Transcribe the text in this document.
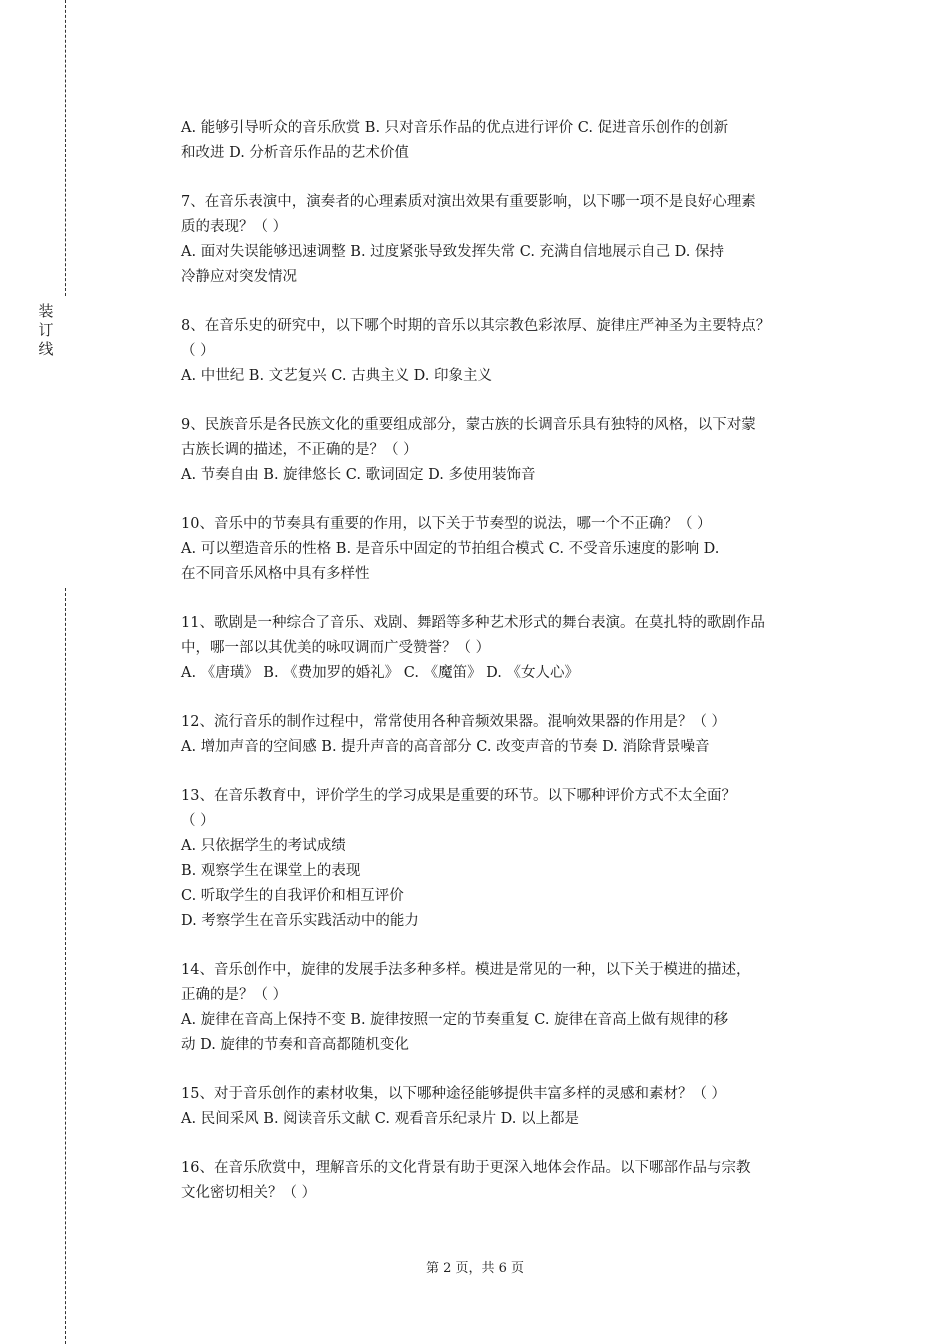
装订线
A. 能够引导听众的音乐欣赏 B. 只对音乐作品的优点进行评价 C. 促进音乐创作的创新
和改进 D. 分析音乐作品的艺术价值
7、在音乐表演中，演奏者的心理素质对演出效果有重要影响，以下哪一项不是良好心理素
质的表现？（ ）
A. 面对失误能够迅速调整 B. 过度紧张导致发挥失常 C. 充满自信地展示自己 D. 保持
冷静应对突发情况
8、在音乐史的研究中，以下哪个时期的音乐以其宗教色彩浓厚、旋律庄严神圣为主要特点？
（ ）
A. 中世纪 B. 文艺复兴 C. 古典主义 D. 印象主义
9、民族音乐是各民族文化的重要组成部分，蒙古族的长调音乐具有独特的风格，以下对蒙
古族长调的描述，不正确的是？（ ）
A. 节奏自由 B. 旋律悠长 C. 歌词固定 D. 多使用装饰音
10、音乐中的节奏具有重要的作用，以下关于节奏型的说法，哪一个不正确？（ ）
A. 可以塑造音乐的性格 B. 是音乐中固定的节拍组合模式 C. 不受音乐速度的影响 D.
在不同音乐风格中具有多样性
11、歌剧是一种综合了音乐、戏剧、舞蹈等多种艺术形式的舞台表演。在莫扎特的歌剧作品
中，哪一部以其优美的咏叹调而广受赞誉？（ ）
A. 《唐璜》 B. 《费加罗的婚礼》 C. 《魔笛》 D. 《女人心》
12、流行音乐的制作过程中，常常使用各种音频效果器。混响效果器的作用是？（ ）
A. 增加声音的空间感 B. 提升声音的高音部分 C. 改变声音的节奏 D. 消除背景噪音
13、在音乐教育中，评价学生的学习成果是重要的环节。以下哪种评价方式不太全面？
（ ）
A. 只依据学生的考试成绩
B. 观察学生在课堂上的表现
C. 听取学生的自我评价和相互评价
D. 考察学生在音乐实践活动中的能力
14、音乐创作中，旋律的发展手法多种多样。模进是常见的一种，以下关于模进的描述，
正确的是？（ ）
A. 旋律在音高上保持不变 B. 旋律按照一定的节奏重复 C. 旋律在音高上做有规律的移
动 D. 旋律的节奏和音高都随机变化
15、对于音乐创作的素材收集，以下哪种途径能够提供丰富多样的灵感和素材？（ ）
A. 民间采风 B. 阅读音乐文献 C. 观看音乐纪录片 D. 以上都是
16、在音乐欣赏中，理解音乐的文化背景有助于更深入地体会作品。以下哪部作品与宗教
文化密切相关？（ ）
第 2 页，共 6 页
